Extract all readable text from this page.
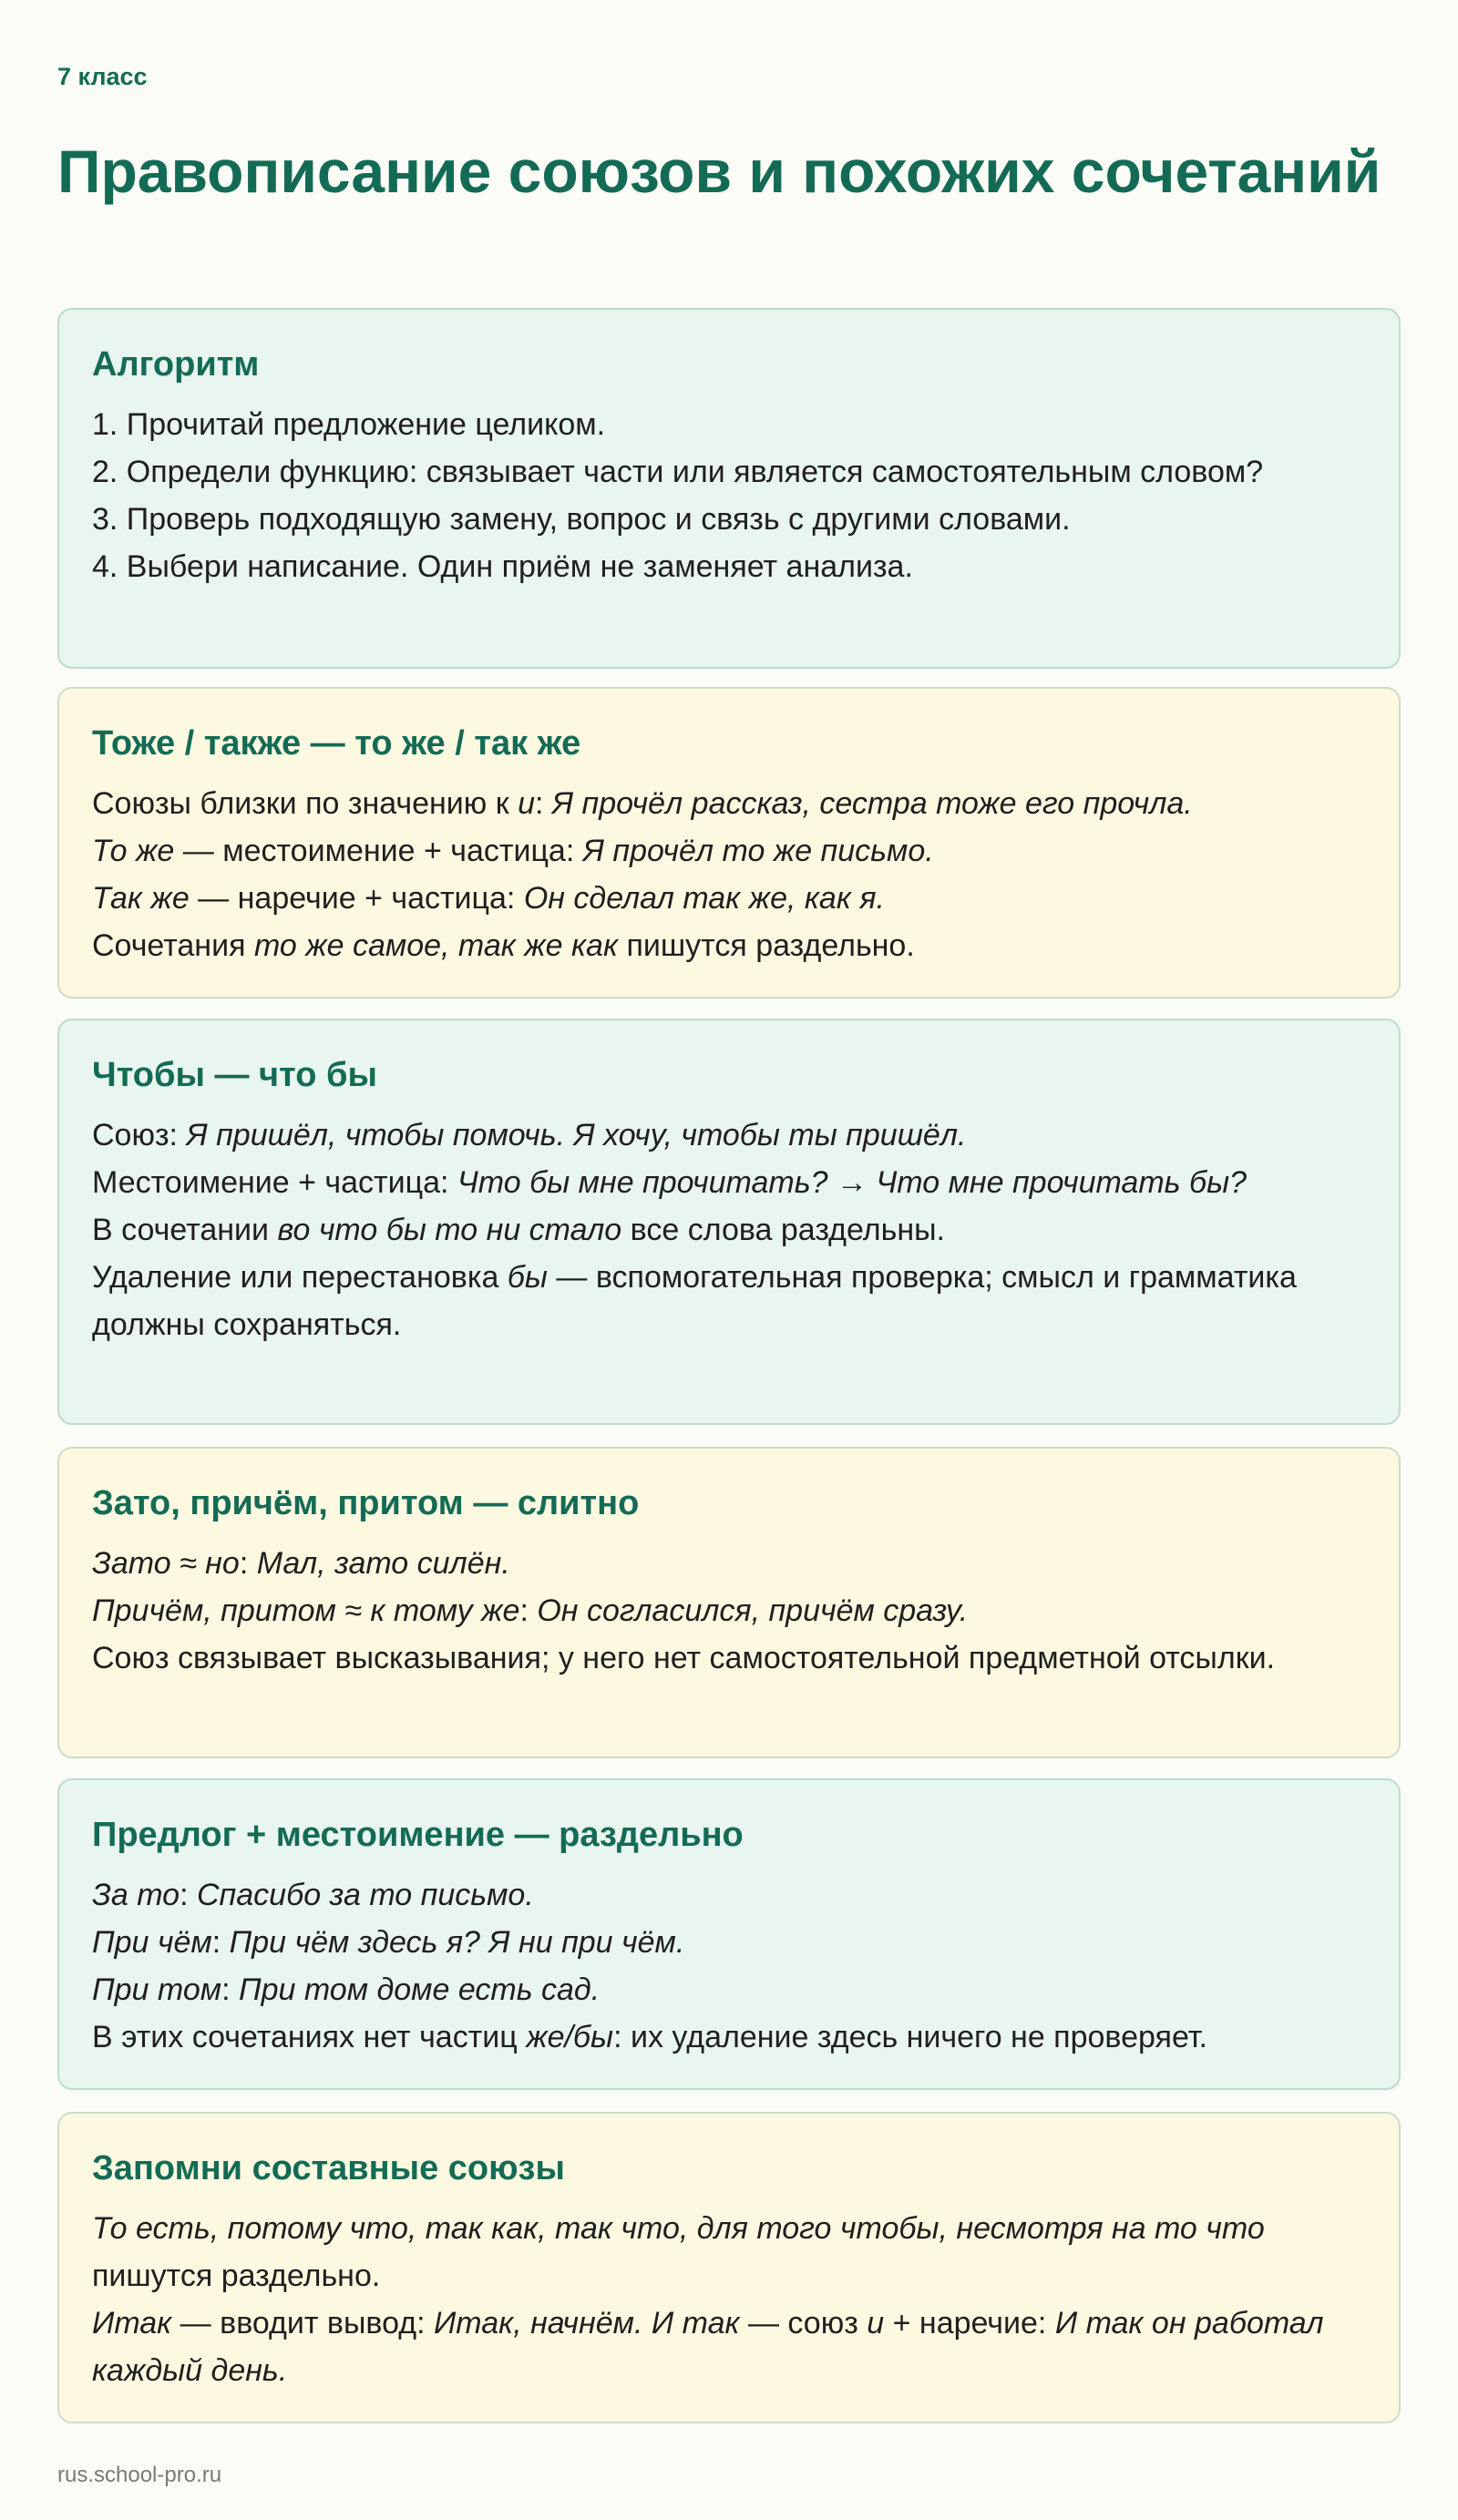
7 класс
Правописание союзов и похожих сочетаний
Алгоритм

1. Прочитай предложение целиком.

2. Определи функцию: связывает части или является самостоятельным словом?

3. Проверь подходящую замену, вопрос и связь с другими словами.

4. Выбери написание. Один приём не заменяет анализа.

Тоже / также — то же / так же

Союзы близки по значению к и: Я прочёл рассказ, сестра тоже его прочла.

То же — местоимение + частица: Я прочёл то же письмо.

Так же — наречие + частица: Он сделал так же, как я.

Сочетания то же самое, так же как пишутся раздельно.

Чтобы — что бы

Союз: Я пришёл, чтобы помочь. Я хочу, чтобы ты пришёл.

Местоимение + частица: Что бы мне прочитать? → Что мне прочитать бы?

В сочетании во что бы то ни стало все слова раздельны.

Удаление или перестановка бы — вспомогательная проверка; смысл и грамматика должны сохраняться.

Зато, причём, притом — слитно

Зато ≈ но: Мал, зато силён.

Причём, притом ≈ к тому же: Он согласился, причём сразу.

Союз связывает высказывания; у него нет самостоятельной предметной отсылки.

Предлог + местоимение — раздельно

За то: Спасибо за то письмо.

При чём: При чём здесь я? Я ни при чём.

При том: При том доме есть сад.

В этих сочетаниях нет частиц же/бы: их удаление здесь ничего не проверяет.

Запомни составные союзы

То есть, потому что, так как, так что, для того чтобы, несмотря на то что пишутся раздельно.

Итак — вводит вывод: Итак, начнём. И так — союз и + наречие: И так он работал каждый день.

rus.school-pro.ru
